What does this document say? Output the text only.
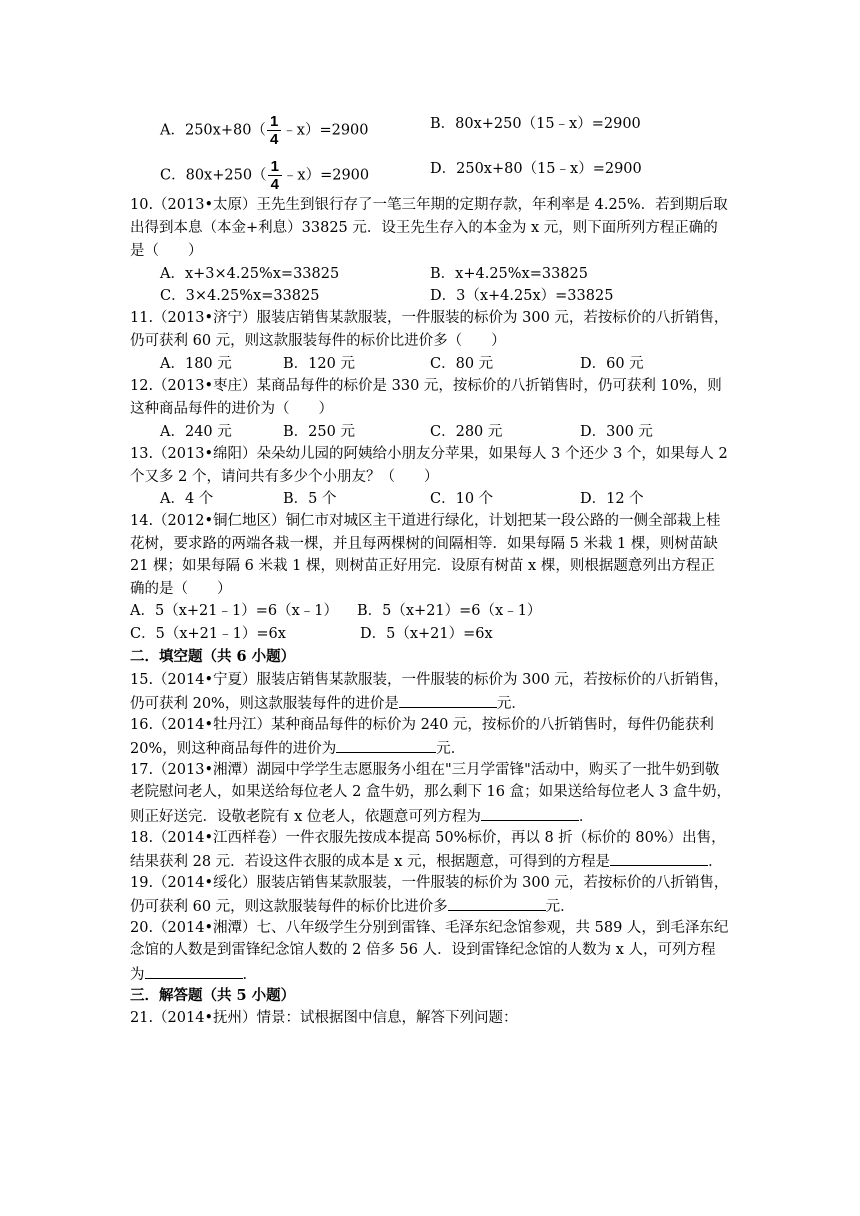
A．$250x+80( \frac{1}{4}$ ﹣x）=2900	B．80x+250（15﹣x）=2900
C．$80x+250( \frac{1}{4}$ ﹣x）=2900	D．250x+80（15﹣x）=2900
10.（2013•太原）王先生到银行存了一笔三年期的定期存款，年利率是 4.25%．若到期后取
出得到本息（本金+利息）33825 元．设王先生存入的本金为 x 元，则下面所列方程正确的
是（　　）
A．x+3×4.25%x=33825	B．x+4.25%x=33825
C．3×4.25%x=33825	D．3（x+4.25x）=33825
11.（2013•济宁）服装店销售某款服装，一件服装的标价为 300 元，若按标价的八折销售，
仍可获利 60 元，则这款服装每件的标价比进价多（　　）
A．180 元	B．120 元	C．80 元	D．60 元
12.（2013•枣庄）某商品每件的标价是 330 元，按标价的八折销售时，仍可获利 10%，则
这种商品每件的进价为（　　）
A．240 元	B．250 元	C．280 元	D．300 元
13.（2013•绵阳）朵朵幼儿园的阿姨给小朋友分苹果，如果每人 3 个还少 3 个，如果每人 2
个又多 2 个，请问共有多少个小朋友？（　　）
A．4 个	B．5 个	C．10 个	D．12 个
14.（2012•铜仁地区）铜仁市对城区主干道进行绿化，计划把某一段公路的一侧全部栽上桂
花树，要求路的两端各栽一棵，并且每两棵树的间隔相等．如果每隔 5 米栽 1 棵，则树苗缺
21 棵；如果每隔 6 米栽 1 棵，则树苗正好用完．设原有树苗 x 棵，则根据题意列出方程正
确的是（　　）
A．5（x+21﹣1）=6（x﹣1） B．5（x+21）=6（x﹣1）
C．5（x+21﹣1）=6x	D．5（x+21）=6x
二．填空题（共 6 小题）
15.（2014•宁夏）服装店销售某款服装，一件服装的标价为 300 元，若按标价的八折销售，
仍可获利 20%，则这款服装每件的进价是	元．
16.（2014•牡丹江）某种商品每件的标价为 240 元，按标价的八折销售时，每件仍能获利
20%，则这种商品每件的进价为	元．
17.（2013•湘潭）湖园中学学生志愿服务小组在"三月学雷锋"活动中，购买了一批牛奶到敬
老院慰问老人，如果送给每位老人 2 盒牛奶，那么剩下 16 盒；如果送给每位老人 3 盒牛奶，
则正好送完．设敬老院有 x 位老人，依题意可列方程为	．
18.（2014•江西样卷）一件衣服先按成本提高 50%标价，再以 8 折（标价的 80%）出售，
结果获利 28 元．若设这件衣服的成本是 x 元，根据题意，可得到的方程是	．
19.（2014•绥化）服装店销售某款服装，一件服装的标价为 300 元，若按标价的八折销售，
仍可获利 60 元，则这款服装每件的标价比进价多	元．
20.（2014•湘潭）七、八年级学生分别到雷锋、毛泽东纪念馆参观，共 589 人，到毛泽东纪
念馆的人数是到雷锋纪念馆人数的 2 倍多 56 人．设到雷锋纪念馆的人数为 x 人，可列方程
为	．
三．解答题（共 5 小题）
21.（2014•抚州）情景：试根据图中信息，解答下列问题：
